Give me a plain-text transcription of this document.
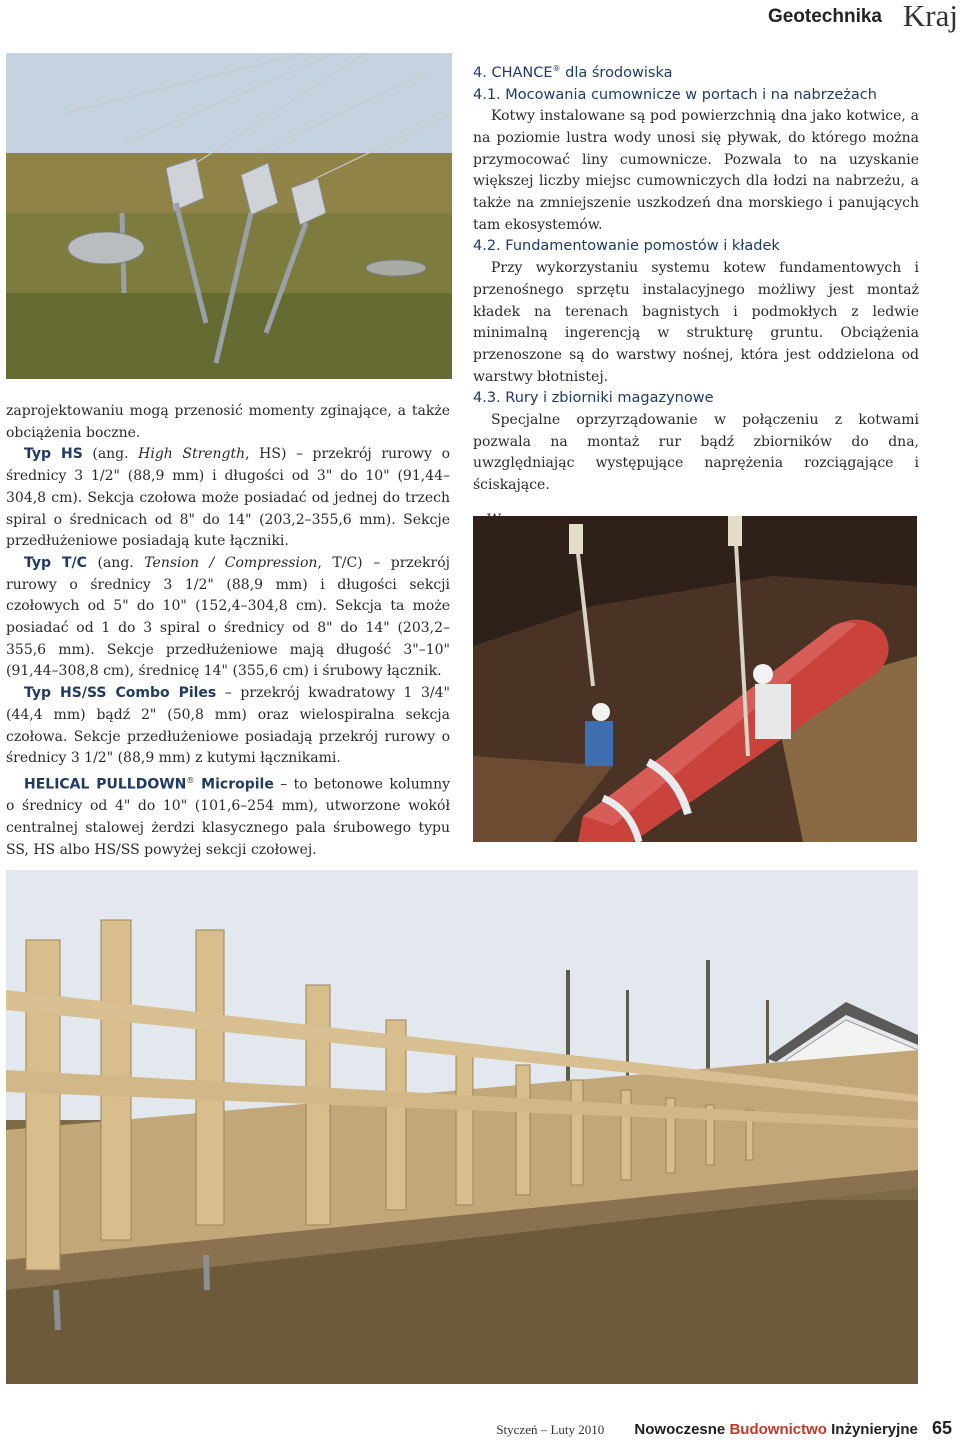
Geotechnika Kraj

zaprojektowaniu mogą przenosić momenty zginające, a także obciążenia boczne.

Typ HS (ang. High Strength, HS) – przekrój rurowy o średnicy 3 1/2" (88,9 mm) i długości od 3" do 10" (91,44–304,8 cm). Sekcja czołowa może posiadać od jednej do trzech spiral o średnicach od 8" do 14" (203,2–355,6 mm). Sekcje przedłużeniowe posiadają kute łączniki.

Typ T/C (ang. Tension / Compression, T/C) – przekrój rurowy o średnicy 3 1/2" (88,9 mm) i długości sekcji czołowych od 5" do 10" (152,4–304,8 cm). Sekcja ta może posiadać od 1 do 3 spiral o średnicy od 8" do 14" (203,2–355,6 mm). Sekcje przedłużeniowe mają długość 3"–10" (91,44–308,8 cm), średnicę 14" (355,6 cm) i śrubowy łącznik.

Typ HS/SS Combo Piles – przekrój kwadratowy 1 3/4" (44,4 mm) bądź 2" (50,8 mm) oraz wielospiralna sekcja czołowa. Sekcje przedłużeniowe posiadają przekrój rurowy o średnicy 3 1/2" (88,9 mm) z kutymi łącznikami.

HELICAL PULLDOWN® Micropile – to betonowe kolumny o średnicy od 4" do 10" (101,6–254 mm), utworzone wokół centralnej stalowej żerdzi klasycznego pala śrubowego typu SS, HS albo HS/SS powyżej sekcji czołowej.

4. CHANCE® dla środowiska

4.1. Mocowania cumownicze w portach i na nabrzeżach

Kotwy instalowane są pod powierzchnią dna jako kotwice, a na poziomie lustra wody unosi się pływak, do którego można przymocować liny cumownicze. Pozwala to na uzyskanie większej liczby miejsc cumowniczych dla łodzi na nabrzeżu, a także na zmniejszenie uszkodzeń dna morskiego i panujących tam ekosystemów.

4.2. Fundamentowanie pomostów i kładek

Przy wykorzystaniu systemu kotew fundamentowych i przenośnego sprzętu instalacyjnego możliwy jest montaż kładek na terenach bagnistych i podmokłych z ledwie minimalną ingerencją w strukturę gruntu. Obciążenia przenoszone są do warstwy nośnej, która jest oddzielona od warstwy błotnistej.

4.3. Rury i zbiorniki magazynowe

Specjalne oprzyrządowanie w połączeniu z kotwami pozwala na montaż rur bądź zbiorników do dna, uwzględniając występujące naprężenia rozciągające i ściskające.

Styczeń – Luty 2010 Nowoczesne Budownictwo Inżynieryjne 65
